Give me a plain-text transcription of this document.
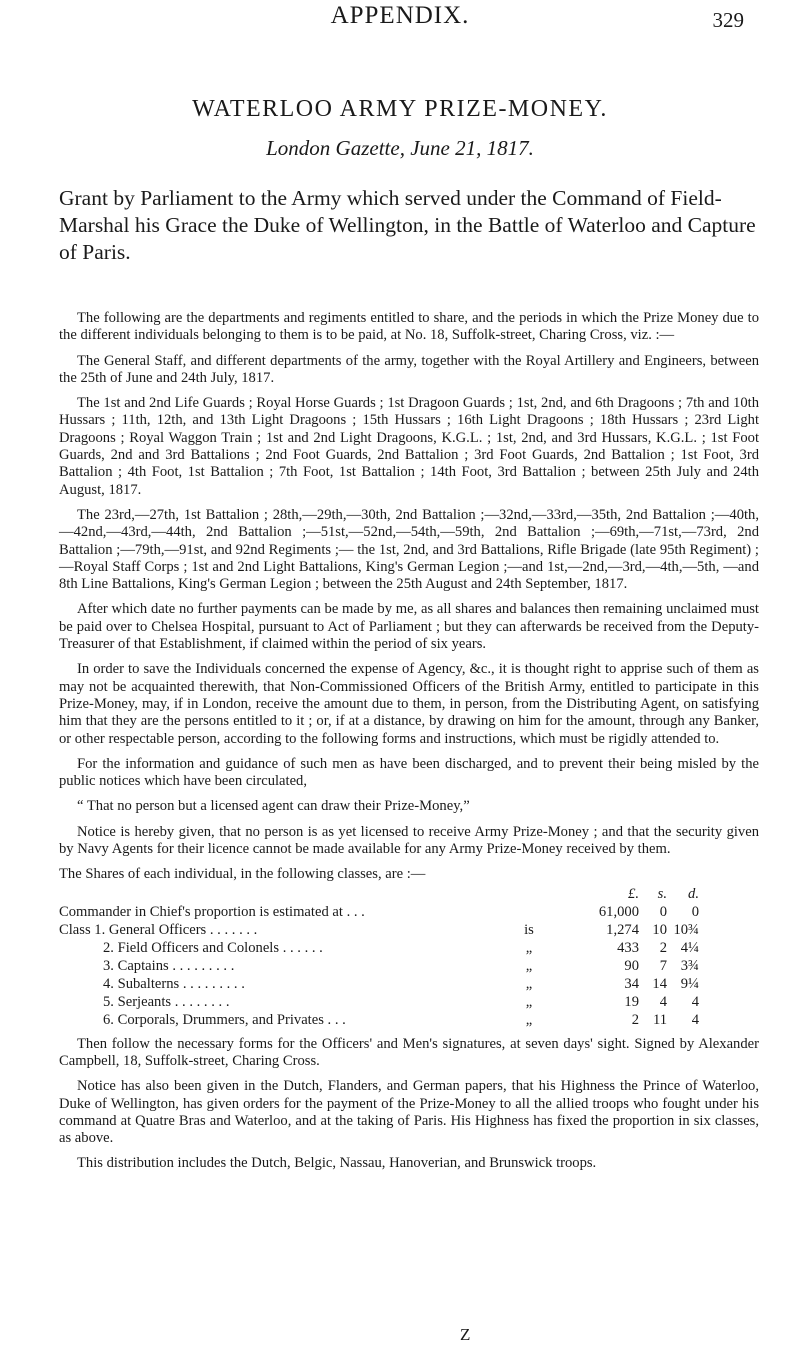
APPENDIX.	329
WATERLOO ARMY PRIZE-MONEY.
London Gazette, June 21, 1817.
Grant by Parliament to the Army which served under the Command of Field-Marshal his Grace the Duke of Wellington, in the Battle of Waterloo and Capture of Paris.

The following are the departments and regiments entitled to share, and the periods in which the Prize Money due to the different individuals belonging to them is to be paid, at No. 18, Suffolk-street, Charing Cross, viz. :—

The General Staff, and different departments of the army, together with the Royal Artillery and Engineers, between the 25th of June and 24th July, 1817.

The 1st and 2nd Life Guards ; Royal Horse Guards ; 1st Dragoon Guards ; 1st, 2nd, and 6th Dragoons ; 7th and 10th Hussars ; 11th, 12th, and 13th Light Dragoons ; 15th Hussars ; 16th Light Dragoons ; 18th Hussars ; 23rd Light Dragoons ; Royal Waggon Train ; 1st and 2nd Light Dragoons, K.G.L. ; 1st, 2nd, and 3rd Hussars, K.G.L. ; 1st Foot Guards, 2nd and 3rd Battalions ; 2nd Foot Guards, 2nd Battalion ; 3rd Foot Guards, 2nd Battalion ; 1st Foot, 3rd Battalion ; 4th Foot, 1st Battalion ; 7th Foot, 1st Battalion ; 14th Foot, 3rd Battalion ; between 25th July and 24th August, 1817.

The 23rd,—27th, 1st Battalion ; 28th,—29th,—30th, 2nd Battalion ;—32nd,—33rd,—35th, 2nd Battalion ;—40th,—42nd,—43rd,—44th, 2nd Battalion ;—51st,—52nd,—54th,—59th, 2nd Battalion ;—69th,—71st,—73rd, 2nd Battalion ;—79th,—91st, and 92nd Regiments ;— the 1st, 2nd, and 3rd Battalions, Rifle Brigade (late 95th Regiment) ;—Royal Staff Corps ; 1st and 2nd Light Battalions, King's German Legion ;—and 1st,—2nd,—3rd,—4th,—5th, —and 8th Line Battalions, King's German Legion ; between the 25th August and 24th September, 1817.

After which date no further payments can be made by me, as all shares and balances then remaining unclaimed must be paid over to Chelsea Hospital, pursuant to Act of Parliament ; but they can afterwards be received from the Deputy-Treasurer of that Establishment, if claimed within the period of six years.

In order to save the Individuals concerned the expense of Agency, &c., it is thought right to apprise such of them as may not be acquainted therewith, that Non-Commissioned Officers of the British Army, entitled to participate in this Prize-Money, may, if in London, receive the amount due to them, in person, from the Distributing Agent, on satisfying him that they are the persons entitled to it ; or, if at a distance, by drawing on him for the amount, through any Banker, or other respectable person, according to the following forms and instructions, which must be rigidly attended to.

For the information and guidance of such men as have been discharged, and to prevent their being misled by the public notices which have been circulated,

“ That no person but a licensed agent can draw their Prize-Money,”

Notice is hereby given, that no person is as yet licensed to receive Army Prize-Money ; and that the security given by Navy Agents for their licence cannot be made available for any Army Prize-Money received by them.

The Shares of each individual, in the following classes, are :—

£.	s.	d.
Commander in Chief's proportion is estimated at . . .	61,000	0	0
Class 1. General Officers . . . . . . .	is	1,274 10 10¾
2. Field Officers and Colonels . . . . . .	„	433	2 4¼
3. Captains . . . . . . . . .	„	90	7 3¾
4. Subalterns . . . . . . . . .	„	34 14 9¼
5. Serjeants . . . . . . . .	„	19	4	4
6. Corporals, Drummers, and Privates . . .	„	2 11	4

Then follow the necessary forms for the Officers' and Men's signatures, at seven days' sight. Signed by Alexander Campbell, 18, Suffolk-street, Charing Cross.

Notice has also been given in the Dutch, Flanders, and German papers, that his Highness the Prince of Waterloo, Duke of Wellington, has given orders for the payment of the Prize-Money to all the allied troops who fought under his command at Quatre Bras and Waterloo, and at the taking of Paris. His Highness has fixed the proportion in six classes, as above.

This distribution includes the Dutch, Belgic, Nassau, Hanoverian, and Brunswick troops.

Z
